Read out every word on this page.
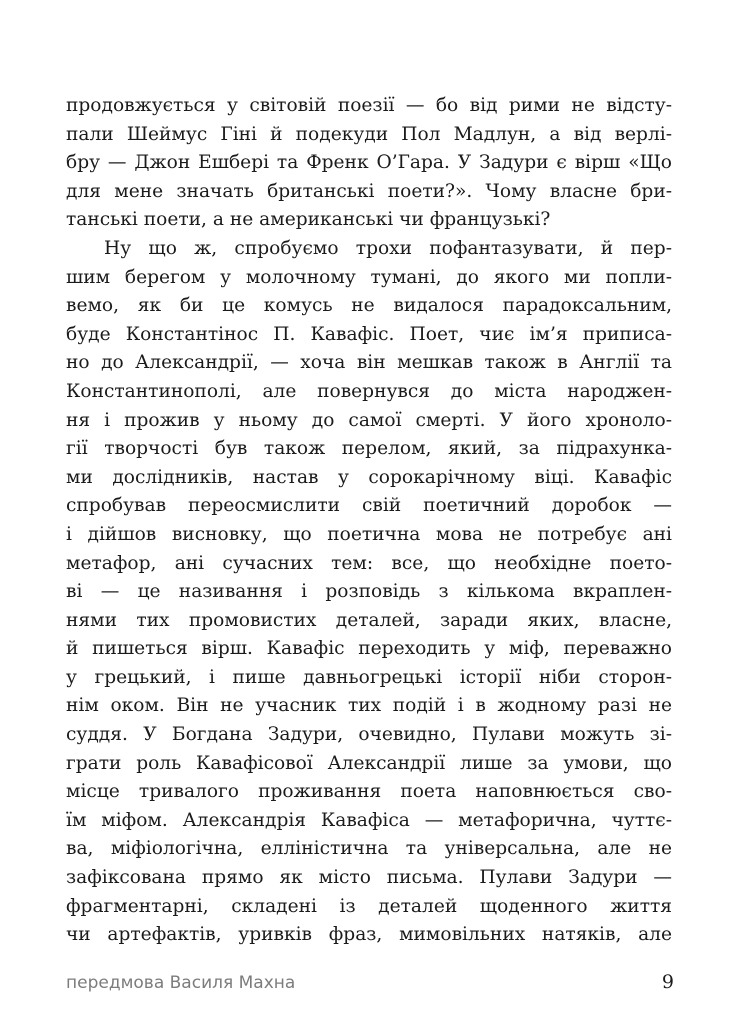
продовжується у світовій поезії — бо від рими не відсту-
пали Шеймус Гіні й подекуди Пол Мадлун, а від верлі-
бру — Джон Ешбері та Френк О’Гара. У Задури є вірш «Що
для мене значать британські поети?». Чому власне бри-
танські поети, а не американські чи французькі?
Ну що ж, спробуємо трохи пофантазувати, й пер-
шим берегом у молочному тумані, до якого ми попли-
вемо, як би це комусь не видалося парадоксальним,
буде Константінос П. Кавафіс. Поет, чиє ім’я приписа-
но до Александрії, — хоча він мешкав також в Англії та
Константинополі, але повернувся до міста народжен-
ня і прожив у ньому до самої смерті. У його хроноло-
гії творчості був також перелом, який, за підрахунка-
ми дослідників, настав у сорокарічному віці. Кавафіс
спробував переосмислити свій поетичний доробок —
і дійшов висновку, що поетична мова не потребує ані
метафор, ані сучасних тем: все, що необхідне поето-
ві — це називання і розповідь з кількома вкраплен-
нями тих промовистих деталей, заради яких, власне,
й пишеться вірш. Кавафіс переходить у міф, переважно
у грецький, і пише давньогрецькі історії ніби сторон-
нім оком. Він не учасник тих подій і в жодному разі не
суддя. У Богдана Задури, очевидно, Пулави можуть зі-
грати роль Кавафісової Александрії лише за умови, що
місце тривалого проживання поета наповнюється сво-
їм міфом. Александрія Кавафіса — метафорична, чуттє-
ва, міфіологічна, елліністична та універсальна, але не
зафіксована прямо як місто письма. Пулави Задури —
фрагментарні, складені із деталей щоденного життя
чи артефактів, уривків фраз, мимовільних натяків, але
передмова Василя Махна	9
